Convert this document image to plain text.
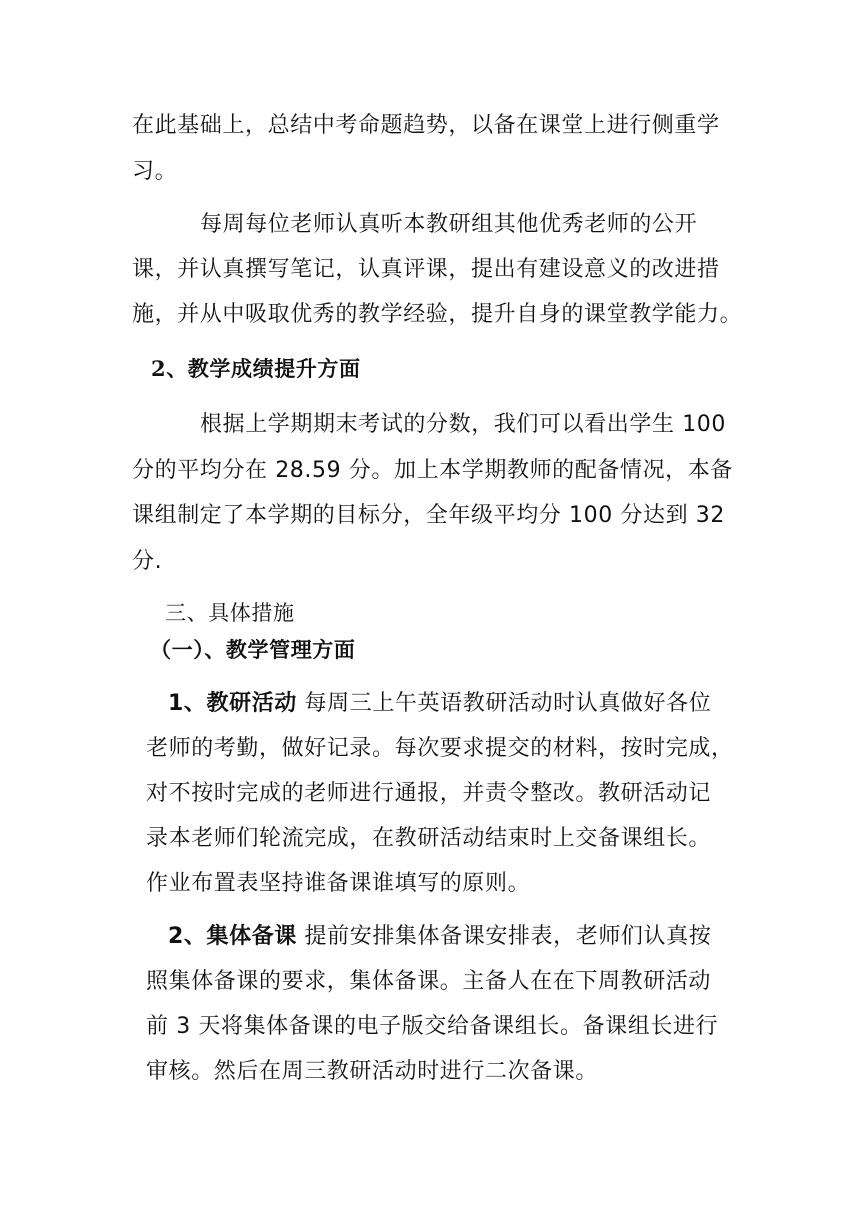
在此基础上，总结中考命题趋势，以备在课堂上进行侧重学
习。
每周每位老师认真听本教研组其他优秀老师的公开
课，并认真撰写笔记，认真评课，提出有建设意义的改进措
施，并从中吸取优秀的教学经验，提升自身的课堂教学能力。
2、教学成绩提升方面
根据上学期期末考试的分数，我们可以看出学生 100
分的平均分在 28.59 分。加上本学期教师的配备情况，本备
课组制定了本学期的目标分，全年级平均分 100 分达到 32
分.
三、具体措施
（一）、教学管理方面
1、教研活动 每周三上午英语教研活动时认真做好各位
老师的考勤，做好记录。每次要求提交的材料，按时完成，
对不按时完成的老师进行通报，并责令整改。教研活动记
录本老师们轮流完成，在教研活动结束时上交备课组长。
作业布置表坚持谁备课谁填写的原则。
2、集体备课 提前安排集体备课安排表，老师们认真按
照集体备课的要求，集体备课。主备人在在下周教研活动
前 3 天将集体备课的电子版交给备课组长。备课组长进行
审核。然后在周三教研活动时进行二次备课。
